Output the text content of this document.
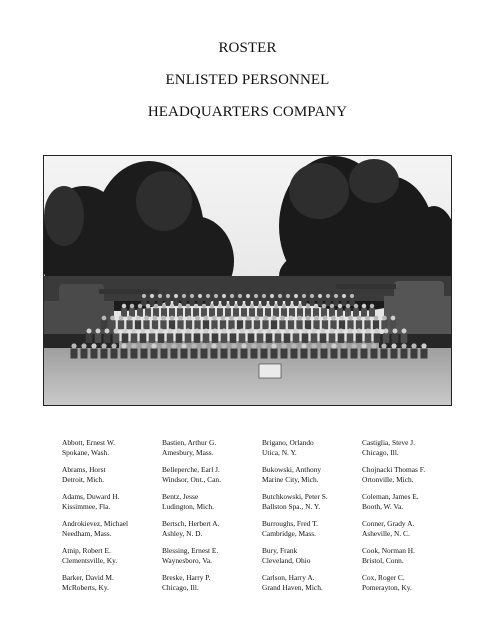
ROSTER
ENLISTED PERSONNEL
HEADQUARTERS COMPANY
Abbott, Ernest W.
Spokane, Wash.
Bastien, Arthur G.
Amesbury, Mass.
Brigano, Orlando
Utica, N. Y.
Castiglia, Steve J.
Chicago, Ill.
Abrams, Horst
Detroit, Mich.
Belleperche, Earl J.
Windsor, Ont., Can.
Bukowski, Anthony
Marine City, Mich.
Chojnacki Thomas F.
Ortonville, Mich.
Adams, Duward H.
Kissimmee, Fla.
Bentz, Jesse
Ludington, Mich.
Butchkowski, Peter S.
Ballston Spa., N. Y.
Coleman, James E.
Booth, W. Va.
Androkievez, Michael
Needham, Mass.
Bertsch, Herbert A.
Ashley, N. D.
Burroughs, Fred T.
Cambridge, Mass.
Conner, Grady A.
Asheville, N. C.
Atnip, Robert E.
Clementsville, Ky.
Blessing, Ernest E.
Waynesboro, Va.
Bury, Frank
Cleveland, Ohio
Cook, Norman H.
Bristol, Conn.
Barker, David M.
McRoberts, Ky.
Breske, Harry P.
Chicago, Ill.
Carlson, Harry A.
Grand Haven, Mich.
Cox, Roger C.
Pomerayton, Ky.
